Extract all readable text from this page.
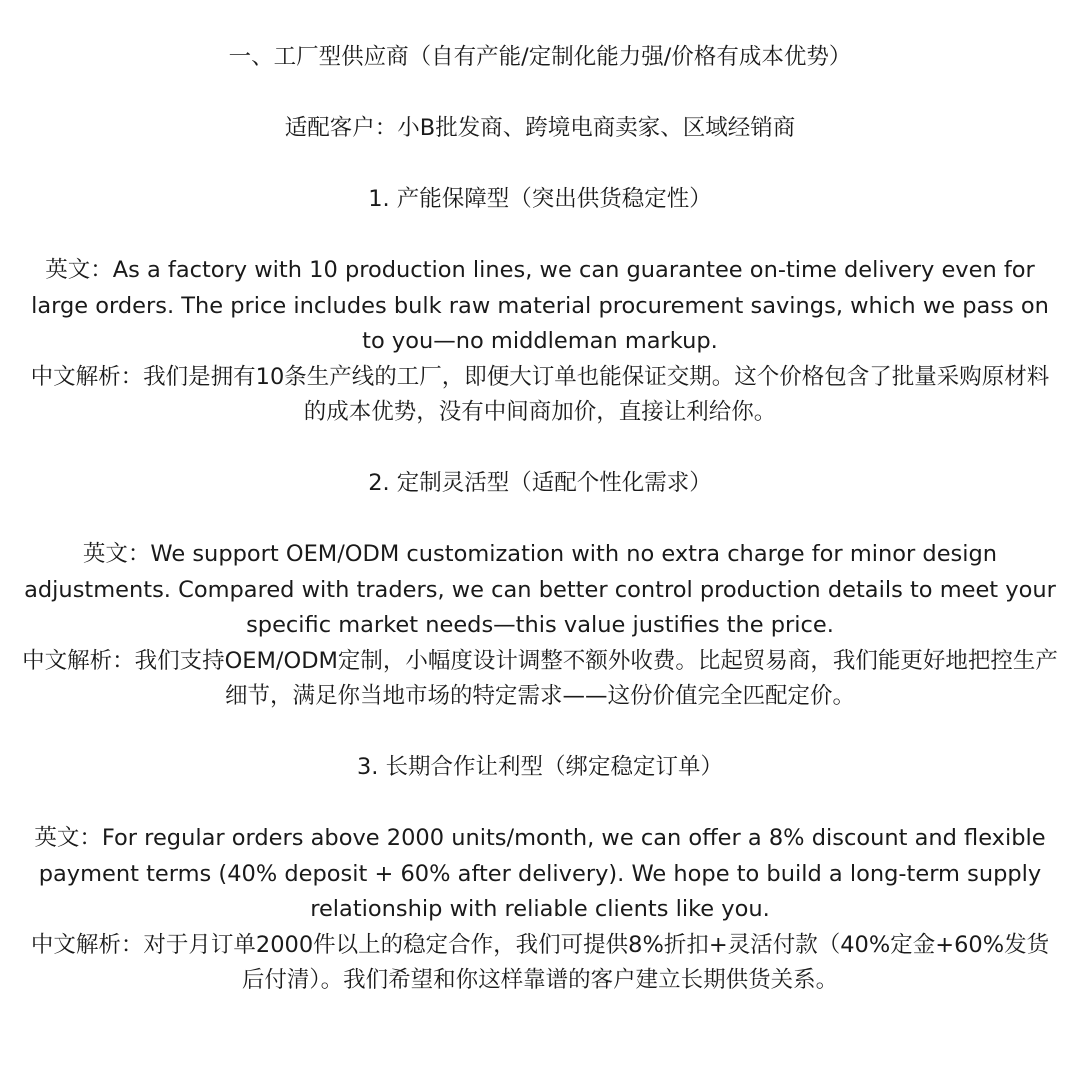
一、工厂型供应商（自有产能/定制化能力强/价格有成本优势）

适配客户：小B批发商、跨境电商卖家、区域经销商

1. 产能保障型（突出供货稳定性）

英文：As a factory with 10 production lines, we can guarantee on-time delivery even for large orders. The price includes bulk raw material procurement savings, which we pass on to you—no middleman markup.

中文解析：我们是拥有10条生产线的工厂，即便大订单也能保证交期。这个价格包含了批量采购原材料的成本优势，没有中间商加价，直接让利给你。

2. 定制灵活型（适配个性化需求）

英文：We support OEM/ODM customization with no extra charge for minor design adjustments. Compared with traders, we can better control production details to meet your specific market needs—this value justifies the price.

中文解析：我们支持OEM/ODM定制，小幅度设计调整不额外收费。比起贸易商，我们能更好地把控生产细节，满足你当地市场的特定需求——这份价值完全匹配定价。

3. 长期合作让利型（绑定稳定订单）

英文：For regular orders above 2000 units/month, we can offer a 8% discount and flexible payment terms (40% deposit + 60% after delivery). We hope to build a long-term supply relationship with reliable clients like you.

中文解析：对于月订单2000件以上的稳定合作，我们可提供8%折扣+灵活付款（40%定金+60%发货后付清）。我们希望和你这样靠谱的客户建立长期供货关系。
